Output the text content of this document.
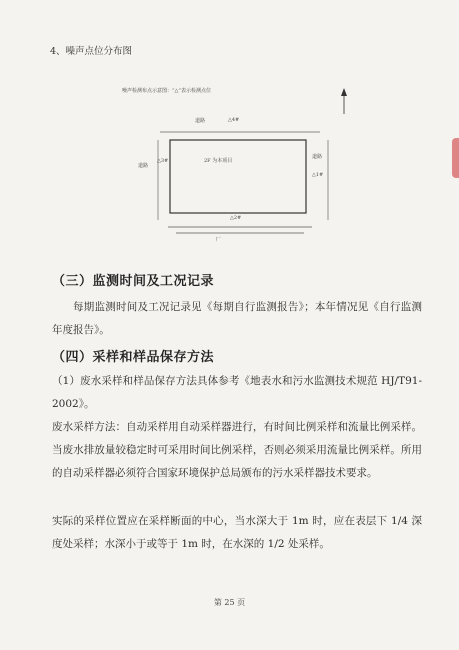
4、噪声点位分布图
噪声检测布点示意图：“△”表示检测点位
道路	△4#
道路
△3#	2F 为本项目
道路
△1#
△2#
厂
（三）监测时间及工况记录
每期监测时间及工况记录见《每期自行监测报告》；本年情况见《自行监测年度报告》。
（四）采样和样品保存方法
（1）废水采样和样品保存方法具体参考《地表水和污水监测技术规范 HJ/T91-2002》。
废水采样方法：自动采样用自动采样器进行，有时间比例采样和流量比例采样。当废水排放量较稳定时可采用时间比例采样，否则必须采用流量比例采样。所用的自动采样器必须符合国家环境保护总局颁布的污水采样器技术要求。
实际的采样位置应在采样断面的中心，当水深大于 1m 时，应在表层下 1/4 深度处采样；水深小于或等于 1m 时，在水深的 1/2 处采样。
第 25 页
